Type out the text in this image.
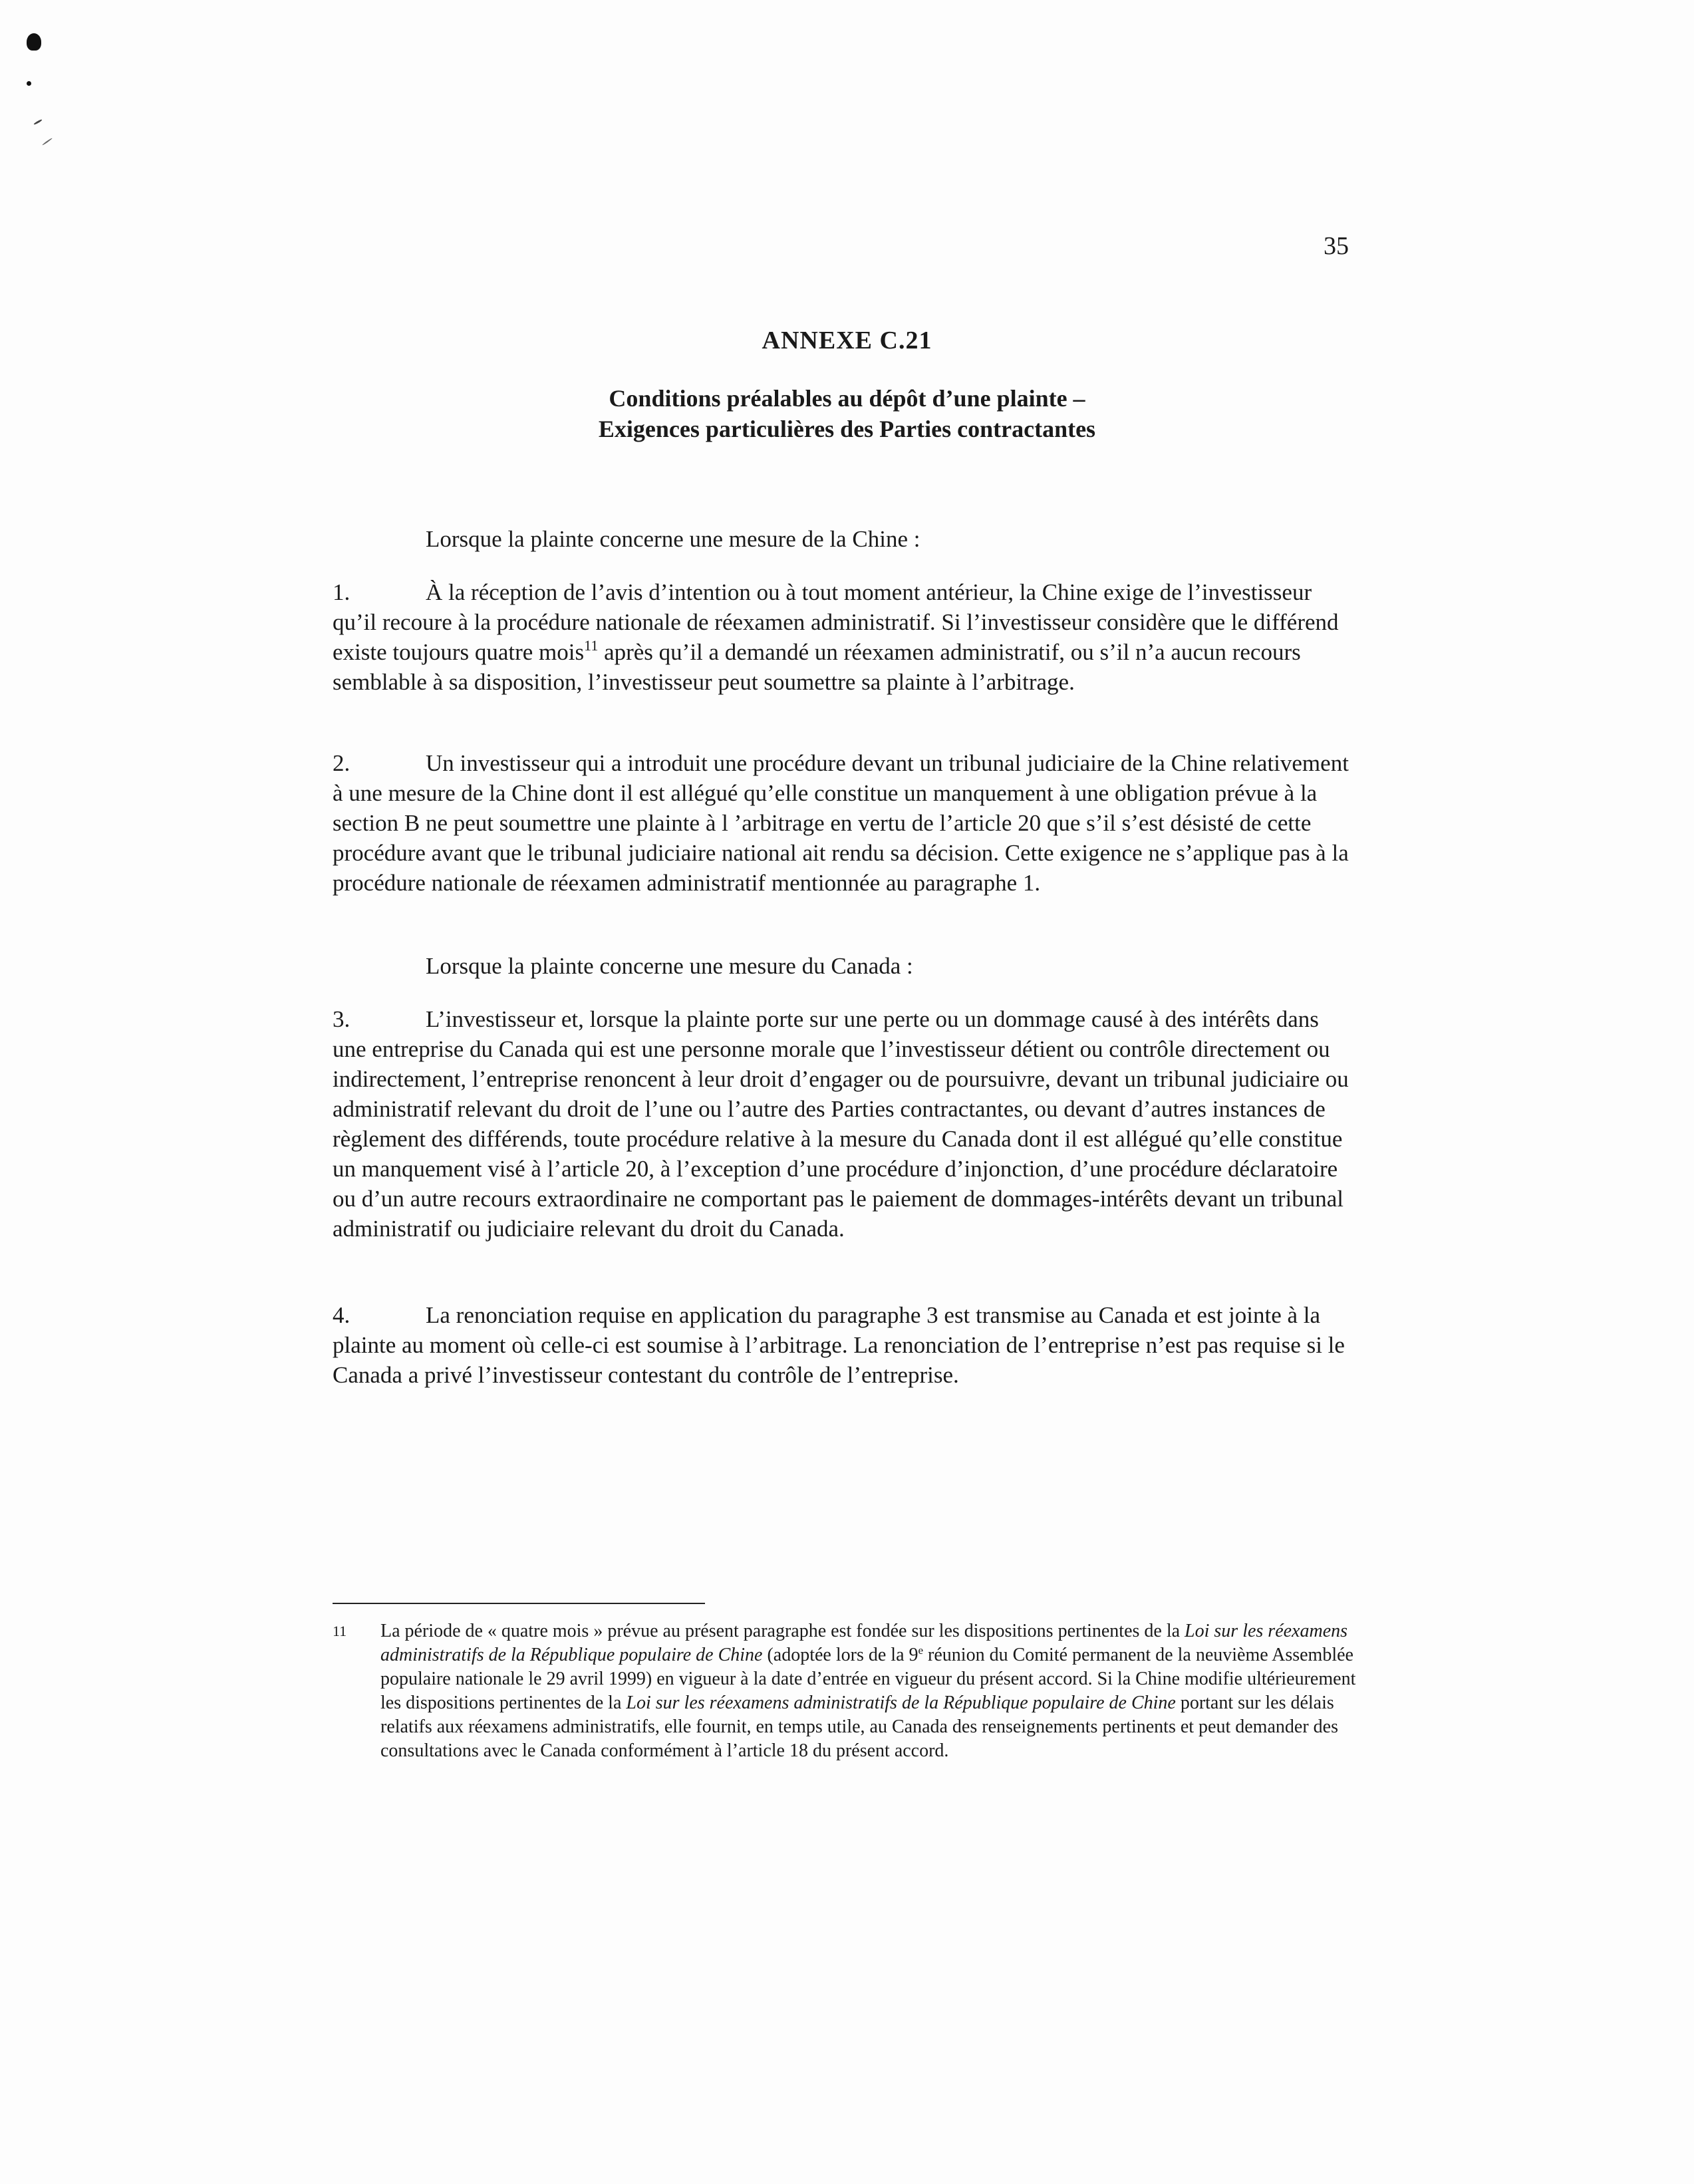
35
ANNEXE C.21
Conditions préalables au dépôt d’une plainte –
Exigences particulières des Parties contractantes
Lorsque la plainte concerne une mesure de la Chine :
1.	À la réception de l’avis d’intention ou à tout moment antérieur, la Chine exige de l’investisseur qu’il recoure à la procédure nationale de réexamen administratif. Si l’investisseur considère que le différend existe toujours quatre mois$^{11}$ après qu’il a demandé un réexamen administratif, ou s’il n’a aucun recours semblable à sa disposition, l’investisseur peut soumettre sa plainte à l’arbitrage.
2.	Un investisseur qui a introduit une procédure devant un tribunal judiciaire de la Chine relativement à une mesure de la Chine dont il est allégué qu’elle constitue un manquement à une obligation prévue à la section B ne peut soumettre une plainte à l ’arbitrage en vertu de l’article 20 que s’il s’est désisté de cette procédure avant que le tribunal judiciaire national ait rendu sa décision. Cette exigence ne s’applique pas à la procédure nationale de réexamen administratif mentionnée au paragraphe 1.
Lorsque la plainte concerne une mesure du Canada :
3.	L’investisseur et, lorsque la plainte porte sur une perte ou un dommage causé à des intérêts dans une entreprise du Canada qui est une personne morale que l’investisseur détient ou contrôle directement ou indirectement, l’entreprise renoncent à leur droit d’engager ou de poursuivre, devant un tribunal judiciaire ou administratif relevant du droit de l’une ou l’autre des Parties contractantes, ou devant d’autres instances de règlement des différends, toute procédure relative à la mesure du Canada dont il est allégué qu’elle constitue un manquement visé à l’article 20, à l’exception d’une procédure d’injonction, d’une procédure déclaratoire ou d’un autre recours extraordinaire ne comportant pas le paiement de dommages-intérêts devant un tribunal administratif ou judiciaire relevant du droit du Canada.
4.	La renonciation requise en application du paragraphe 3 est transmise au Canada et est jointe à la plainte au moment où celle-ci est soumise à l’arbitrage. La renonciation de l’entreprise n’est pas requise si le Canada a privé l’investisseur contestant du contrôle de l’entreprise.
11 La période de « quatre mois » prévue au présent paragraphe est fondée sur les dispositions pertinentes de la Loi sur les réexamens administratifs de la République populaire de Chine (adoptée lors de la 9e réunion du Comité permanent de la neuvième Assemblée populaire nationale le 29 avril 1999) en vigueur à la date d’entrée en vigueur du présent accord. Si la Chine modifie ultérieurement les dispositions pertinentes de la Loi sur les réexamens administratifs de la République populaire de Chine portant sur les délais relatifs aux réexamens administratifs, elle fournit, en temps utile, au Canada des renseignements pertinents et peut demander des consultations avec le Canada conformément à l’article 18 du présent accord.
